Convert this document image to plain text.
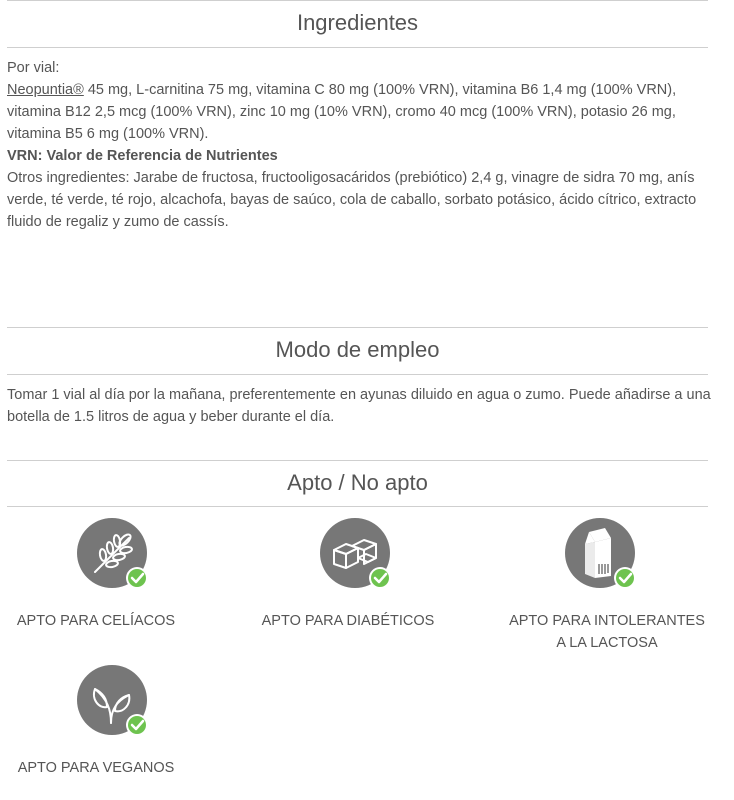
Ingredientes

Por vial:

Neopuntia® 45 mg, L-carnitina 75 mg, vitamina C 80 mg (100% VRN), vitamina B6 1,4 mg (100% VRN), vitamina B12 2,5 mcg (100% VRN), zinc 10 mg (10% VRN), cromo 40 mcg (100% VRN), potasio 26 mg, vitamina B5 6 mg (100% VRN).

VRN: Valor de Referencia de Nutrientes

Otros ingredientes: Jarabe de fructosa, fructooligosacáridos (prebiótico) 2,4 g, vinagre de sidra 70 mg, anís verde, té verde, té rojo, alcachofa, bayas de saúco, cola de caballo, sorbato potásico, ácido cítrico, extracto fluido de regaliz y zumo de cassís.

Modo de empleo

Tomar 1 vial al día por la mañana, preferentemente en ayunas diluido en agua o zumo. Puede añadirse a una botella de 1.5 litros de agua y beber durante el día.

Apto / No apto
APTO PARA CELÍACOS	APTO PARA DIABÉTICOS	APTO PARA INTOLERANTES A LA LACTOSA
APTO PARA VEGANOS
